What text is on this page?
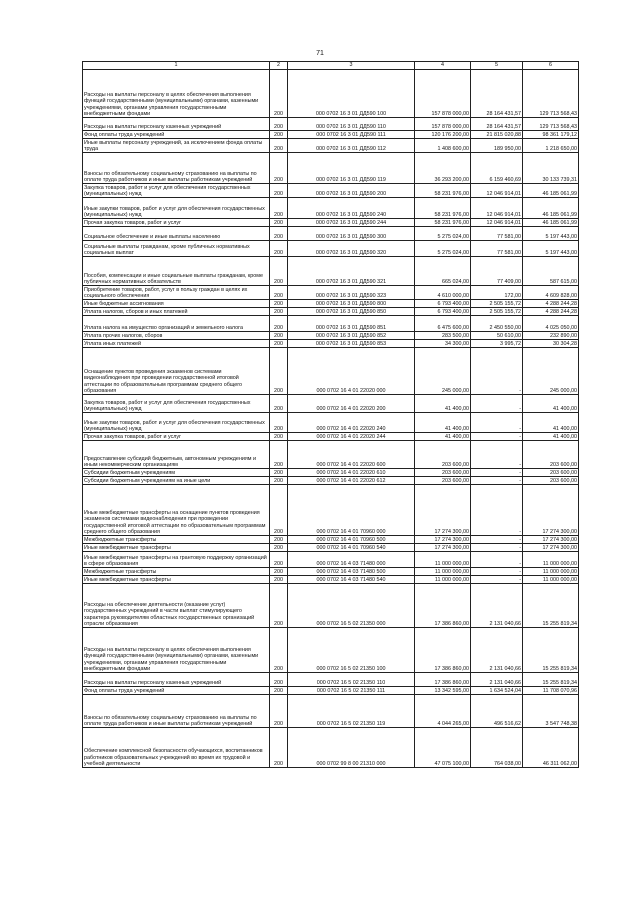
71
1	2	3	4	5	6
Расходы на выплаты персоналу в целях обеспечения выполнения функций государственными (муниципальными) органами, казенными учреждениями, органами управления государственными внебюджетными фондами	200	000 0702 16 3 01 ДД590 100	157 878 000,00	28 164 431,57	129 713 568,43
Расходы на выплаты персоналу казенных учреждений	200	000 0702 16 3 01 ДД590 110	157 878 000,00	28 164 431,57	129 713 568,43
Фонд оплаты труда учреждений	200	000 0702 16 3 01 ДД590 111	120 176 200,00	21 815 020,88	98 361 179,12
Иные выплаты персоналу учреждений, за исключением фонда оплаты труда	200	000 0702 16 3 01 ДД590 112	1 408 600,00	189 950,00	1 218 650,00
Взносы по обязательному социальному страхованию на выплаты по оплате труда работников и иные выплаты работникам учреждений	200	000 0702 16 3 01 ДД590 119	36 293 200,00	6 159 460,69	30 133 739,31
Закупка товаров, работ и услуг для обеспечения государственных (муниципальных) нужд	200	000 0702 16 3 01 ДД590 200	58 231 976,00	12 046 914,01	46 185 061,99
Иные закупки товаров, работ и услуг для обеспечения государственных (муниципальных) нужд	200	000 0702 16 3 01 ДД590 240	58 231 976,00	12 046 914,01	46 185 061,99
Прочая закупка товаров, работ и услуг	200	000 0702 16 3 01 ДД590 244	58 231 976,00	12 046 914,01	46 185 061,99
Социальное обеспечение и иные выплаты населению	200	000 0702 16 3 01 ДД590 300	5 275 024,00	77 581,00	5 197 443,00
Социальные выплаты гражданам, кроме публичных нормативных социальных выплат	200	000 0702 16 3 01 ДД590 320	5 275 024,00	77 581,00	5 197 443,00
Пособия, компенсации и иные социальные выплаты гражданам, кроме публичных нормативных обязательств	200	000 0702 16 3 01 ДД590 321	665 024,00	77 409,00	587 615,00
Приобретение товаров, работ, услуг в пользу граждан в целях их социального обеспечения	200	000 0702 16 3 01 ДД590 323	4 610 000,00	172,00	4 609 828,00
Иные бюджетные ассигнования	200	000 0702 16 3 01 ДД590 800	6 793 400,00	2 505 155,72	4 288 244,28
Уплата налогов, сборов и иных платежей	200	000 0702 16 3 01 ДД590 850	6 793 400,00	2 505 155,72	4 288 244,28
Уплата налога на имущество организаций и земельного налога	200	000 0702 16 3 01 ДД590 851	6 475 600,00	2 450 550,00	4 025 050,00
Уплата прочих налогов, сборов	200	000 0702 16 3 01 ДД590 852	283 500,00	50 610,00	232 890,00
Уплата иных платежей	200	000 0702 16 3 01 ДД590 853	34 300,00	3 995,72	30 304,28
Оснащение пунктов проведения экзаменов системами видеонаблюдения при проведении государственной итоговой аттестации по образовательным программам среднего общего образования	200	000 0702 16 4 01 22020 000	245 000,00	-	245 000,00
Закупка товаров, работ и услуг для обеспечения государственных (муниципальных) нужд	200	000 0702 16 4 01 22020 200	41 400,00	-	41 400,00
Иные закупки товаров, работ и услуг для обеспечения государственных (муниципальных) нужд	200	000 0702 16 4 01 22020 240	41 400,00	-	41 400,00
Прочая закупка товаров, работ и услуг	200	000 0702 16 4 01 22020 244	41 400,00	-	41 400,00
Предоставление субсидий бюджетным, автономным учреждениям и иным некоммерческим организациям	200	000 0702 16 4 01 22020 600	203 600,00	-	203 600,00
Субсидии бюджетным учреждениям	200	000 0702 16 4 01 22020 610	203 600,00	-	203 600,00
Субсидии бюджетным учреждениям на иные цели	200	000 0702 16 4 01 22020 612	203 600,00	-	203 600,00
Иные межбюджетные трансферты на оснащение пунктов проведения экзаменов системами видеонаблюдения при проведении государственной итоговой аттестации по образовательным программам среднего общего образования	200	000 0702 16 4 01 70960 000	17 274 300,00	-	17 274 300,00
Межбюджетные трансферты	200	000 0702 16 4 01 70960 500	17 274 300,00	-	17 274 300,00
Иные межбюджетные трансферты	200	000 0702 16 4 01 70960 540	17 274 300,00	-	17 274 300,00
Иные межбюджетные трансферты на грантовую поддержку организаций в сфере образования	200	000 0702 16 4 03 71480 000	11 000 000,00	-	11 000 000,00
Межбюджетные трансферты	200	000 0702 16 4 03 71480 500	11 000 000,00	-	11 000 000,00
Иные межбюджетные трансферты	200	000 0702 16 4 03 71480 540	11 000 000,00	-	11 000 000,00
Расходы на обеспечение деятельности (оказание услуг) государственных учреждений в части выплат стимулирующего характера руководителям областных государственных организаций отрасли образования	200	000 0702 16 5 02 21350 000	17 386 860,00	2 131 040,66	15 255 819,34
Расходы на выплаты персоналу в целях обеспечения выполнения функций государственными (муниципальными) органами, казенными учреждениями, органами управления государственными внебюджетными фондами	200	000 0702 16 5 02 21350 100	17 386 860,00	2 131 040,66	15 255 819,34
Расходы на выплаты персоналу казенных учреждений	200	000 0702 16 5 02 21350 110	17 386 860,00	2 131 040,66	15 255 819,34
Фонд оплаты труда учреждений	200	000 0702 16 5 02 21350 111	13 342 595,00	1 634 524,04	11 708 070,96
Взносы по обязательному социальному страхованию на выплаты по оплате труда работников и иные выплаты работникам учреждений	200	000 0702 16 5 02 21350 119	4 044 265,00	496 516,62	3 547 748,38
Обеспечение комплексной безопасности обучающихся, воспитанников работников образовательных учреждений во время их трудовой и учебной деятельности	200	000 0702 99 8 00 21310 000	47 075 100,00	764 038,00	46 311 062,00
